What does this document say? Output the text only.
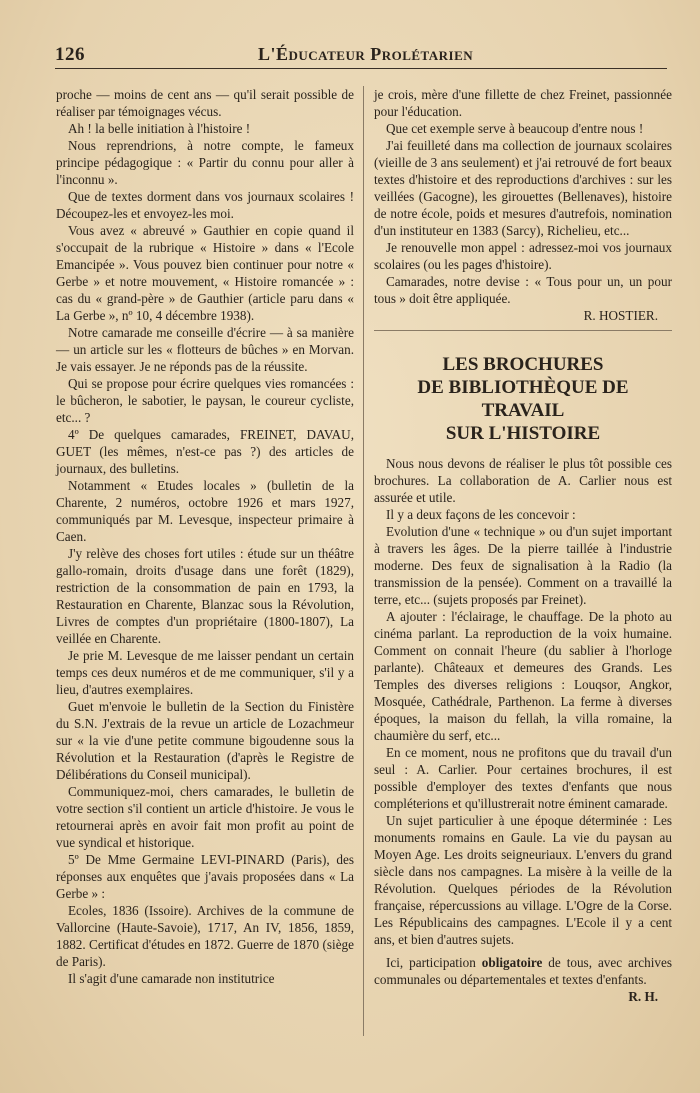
126	L'Éducateur Prolétarien

proche — moins de cent ans — qu'il serait possible de réaliser par témoignages vécus.

Ah ! la belle initiation à l'histoire !

Nous reprendrions, à notre compte, le fameux principe pédagogique : « Partir du connu pour aller à l'inconnu ».

Que de textes dorment dans vos journaux scolaires ! Découpez-les et envoyez-les moi.

Vous avez « abreuvé » Gauthier en copie quand il s'occupait de la rubrique « Histoire » dans « l'Ecole Emancipée ». Vous pouvez bien continuer pour notre « Gerbe » et notre mouvement, « Histoire romancée » : cas du « grand-père » de Gauthier (article paru dans « La Gerbe », nº 10, 4 décembre 1938).

Notre camarade me conseille d'écrire — à sa manière — un article sur les « flotteurs de bûches » en Morvan. Je vais essayer. Je ne réponds pas de la réussite.

Qui se propose pour écrire quelques vies romancées : le bûcheron, le sabotier, le paysan, le coureur cycliste, etc... ?

4º De quelques camarades, FREINET, DAVAU, GUET (les mêmes, n'est-ce pas ?) des articles de journaux, des bulletins.

Notamment « Etudes locales » (bulletin de la Charente, 2 numéros, octobre 1926 et mars 1927, communiqués par M. Levesque, inspecteur primaire à Caen.

J'y relève des choses fort utiles : étude sur un théâtre gallo-romain, droits d'usage dans une forêt (1829), restriction de la consommation de pain en 1793, la Restauration en Charente, Blanzac sous la Révolution, Livres de comptes d'un propriétaire (1800-1807), La veillée en Charente.

Je prie M. Levesque de me laisser pendant un certain temps ces deux numéros et de me communiquer, s'il y a lieu, d'autres exemplaires.

Guet m'envoie le bulletin de la Section du Finistère du S.N. J'extrais de la revue un article de Lozachmeur sur « la vie d'une petite commune bigoudenne sous la Révolution et la Restauration (d'après le Registre de Délibérations du Conseil municipal).

Communiquez-moi, chers camarades, le bulletin de votre section s'il contient un article d'histoire. Je vous le retournerai après en avoir fait mon profit au point de vue syndical et historique.

5º De Mme Germaine LEVI-PINARD (Paris), des réponses aux enquêtes que j'avais proposées dans « La Gerbe » :

Ecoles, 1836 (Issoire). Archives de la commune de Vallorcine (Haute-Savoie), 1717, An IV, 1856, 1859, 1882. Certificat d'études en 1872. Guerre de 1870 (siège de Paris).

Il s'agit d'une camarade non institutrice

je crois, mère d'une fillette de chez Freinet, passionnée pour l'éducation.

Que cet exemple serve à beaucoup d'entre nous !

J'ai feuilleté dans ma collection de journaux scolaires (vieille de 3 ans seulement) et j'ai retrouvé de fort beaux textes d'histoire et des reproductions d'archives : sur les veillées (Gacogne), les girouettes (Bellenaves), histoire de notre école, poids et mesures d'autrefois, nomination d'un instituteur en 1383 (Sarcy), Richelieu, etc...

Je renouvelle mon appel : adressez-moi vos journaux scolaires (ou les pages d'histoire).

Camarades, notre devise : « Tous pour un, un pour tous » doit être appliquée.

R. HOSTIER.

LES BROCHURES
DE BIBLIOTHÈQUE DE TRAVAIL
SUR L'HISTOIRE

Nous nous devons de réaliser le plus tôt possible ces brochures. La collaboration de A. Carlier nous est assurée et utile.

Il y a deux façons de les concevoir :

Evolution d'une « technique » ou d'un sujet important à travers les âges. De la pierre taillée à l'industrie moderne. Des feux de signalisation à la Radio (la transmission de la pensée). Comment on a travaillé la terre, etc... (sujets proposés par Freinet).

A ajouter : l'éclairage, le chauffage. De la photo au cinéma parlant. La reproduction de la voix humaine. Comment on connait l'heure (du sablier à l'horloge parlante). Châteaux et demeures des Grands. Les Temples des diverses religions : Louqsor, Angkor, Mosquée, Cathédrale, Parthenon. La ferme à diverses époques, la maison du fellah, la villa romaine, la chaumière du serf, etc...

En ce moment, nous ne profitons que du travail d'un seul : A. Carlier. Pour certaines brochures, il est possible d'employer des textes d'enfants que nous compléterions et qu'illustrerait notre éminent camarade.

Un sujet particulier à une époque déterminée : Les monuments romains en Gaule. La vie du paysan au Moyen Age. Les droits seigneuriaux. L'envers du grand siècle dans nos campagnes. La misère à la veille de la Révolution. Quelques périodes de la Révolution française, répercussions au village. L'Ogre de la Corse. Les Républicains des campagnes. L'Ecole il y a cent ans, et bien d'autres sujets.

Ici, participation obligatoire de tous, avec archives communales ou départementales et textes d'enfants.
R. H.
